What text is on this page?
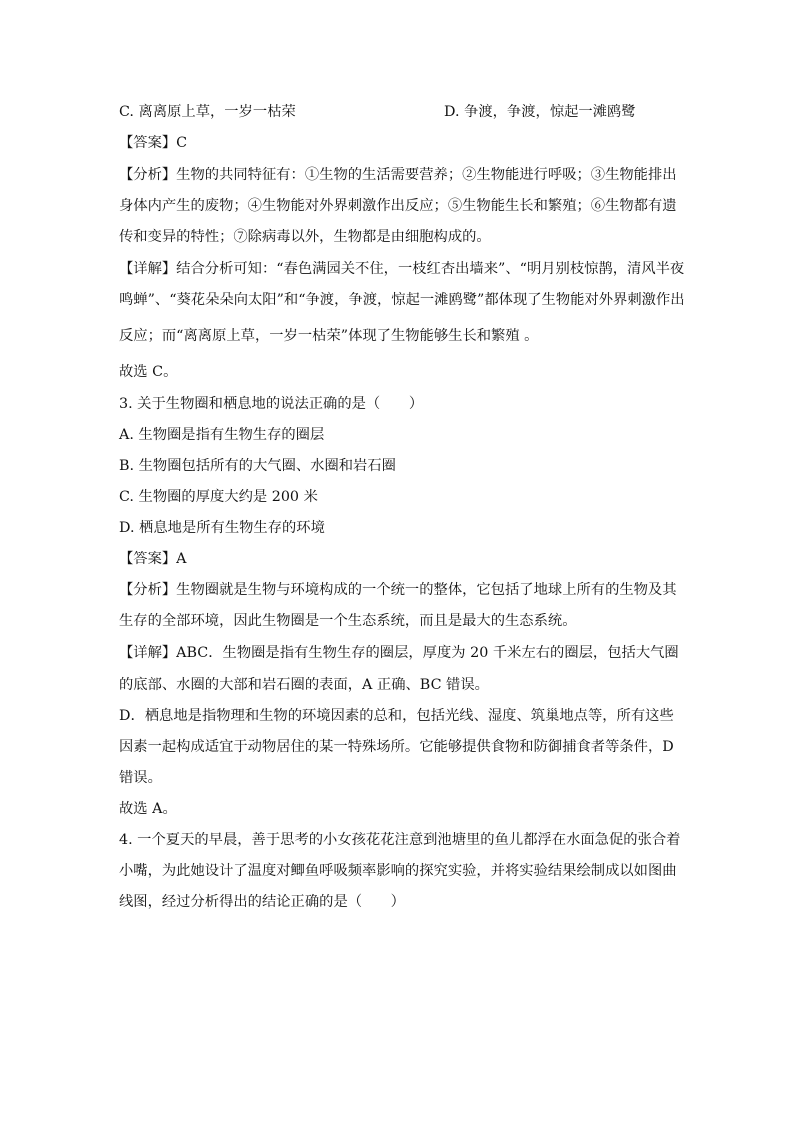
C. 离离原上草，一岁一枯荣	D. 争渡，争渡，惊起一滩鸥鹭
【答案】C
【分析】生物的共同特征有：①生物的生活需要营养；②生物能进行呼吸；③生物能排出
身体内产生的废物；④生物能对外界刺激作出反应；⑤生物能生长和繁殖；⑥生物都有遗
传和变异的特性；⑦除病毒以外，生物都是由细胞构成的。
【详解】结合分析可知：“春色满园关不住，一枝红杏出墙来”、“明月别枝惊鹊，清风半夜
鸣蝉”、“葵花朵朵向太阳”和“争渡，争渡，惊起一滩鸥鹭”都体现了生物能对外界刺激作出
反应；而“离离原上草，一岁一枯荣”体现了生物能够生长和繁殖 。
故选 C。
3. 关于生物圈和栖息地的说法正确的是（　　）
A. 生物圈是指有生物生存的圈层
B. 生物圈包括所有的大气圈、水圈和岩石圈
C. 生物圈的厚度大约是 200 米
D. 栖息地是所有生物生存的环境
【答案】A
【分析】生物圈就是生物与环境构成的一个统一的整体，它包括了地球上所有的生物及其
生存的全部环境，因此生物圈是一个生态系统，而且是最大的生态系统。
【详解】ABC．生物圈是指有生物生存的圈层，厚度为 20 千米左右的圈层，包括大气圈
的底部、水圈的大部和岩石圈的表面，A 正确、BC 错误。
D．栖息地是指物理和生物的环境因素的总和，包括光线、湿度、筑巢地点等，所有这些
因素一起构成适宜于动物居住的某一特殊场所。它能够提供食物和防御捕食者等条件，D
错误。
故选 A。
4. 一个夏天的早晨，善于思考的小女孩花花注意到池塘里的鱼儿都浮在水面急促的张合着
小嘴，为此她设计了温度对鲫鱼呼吸频率影响的探究实验，并将实验结果绘制成以如图曲
线图，经过分析得出的结论正确的是（　　）
